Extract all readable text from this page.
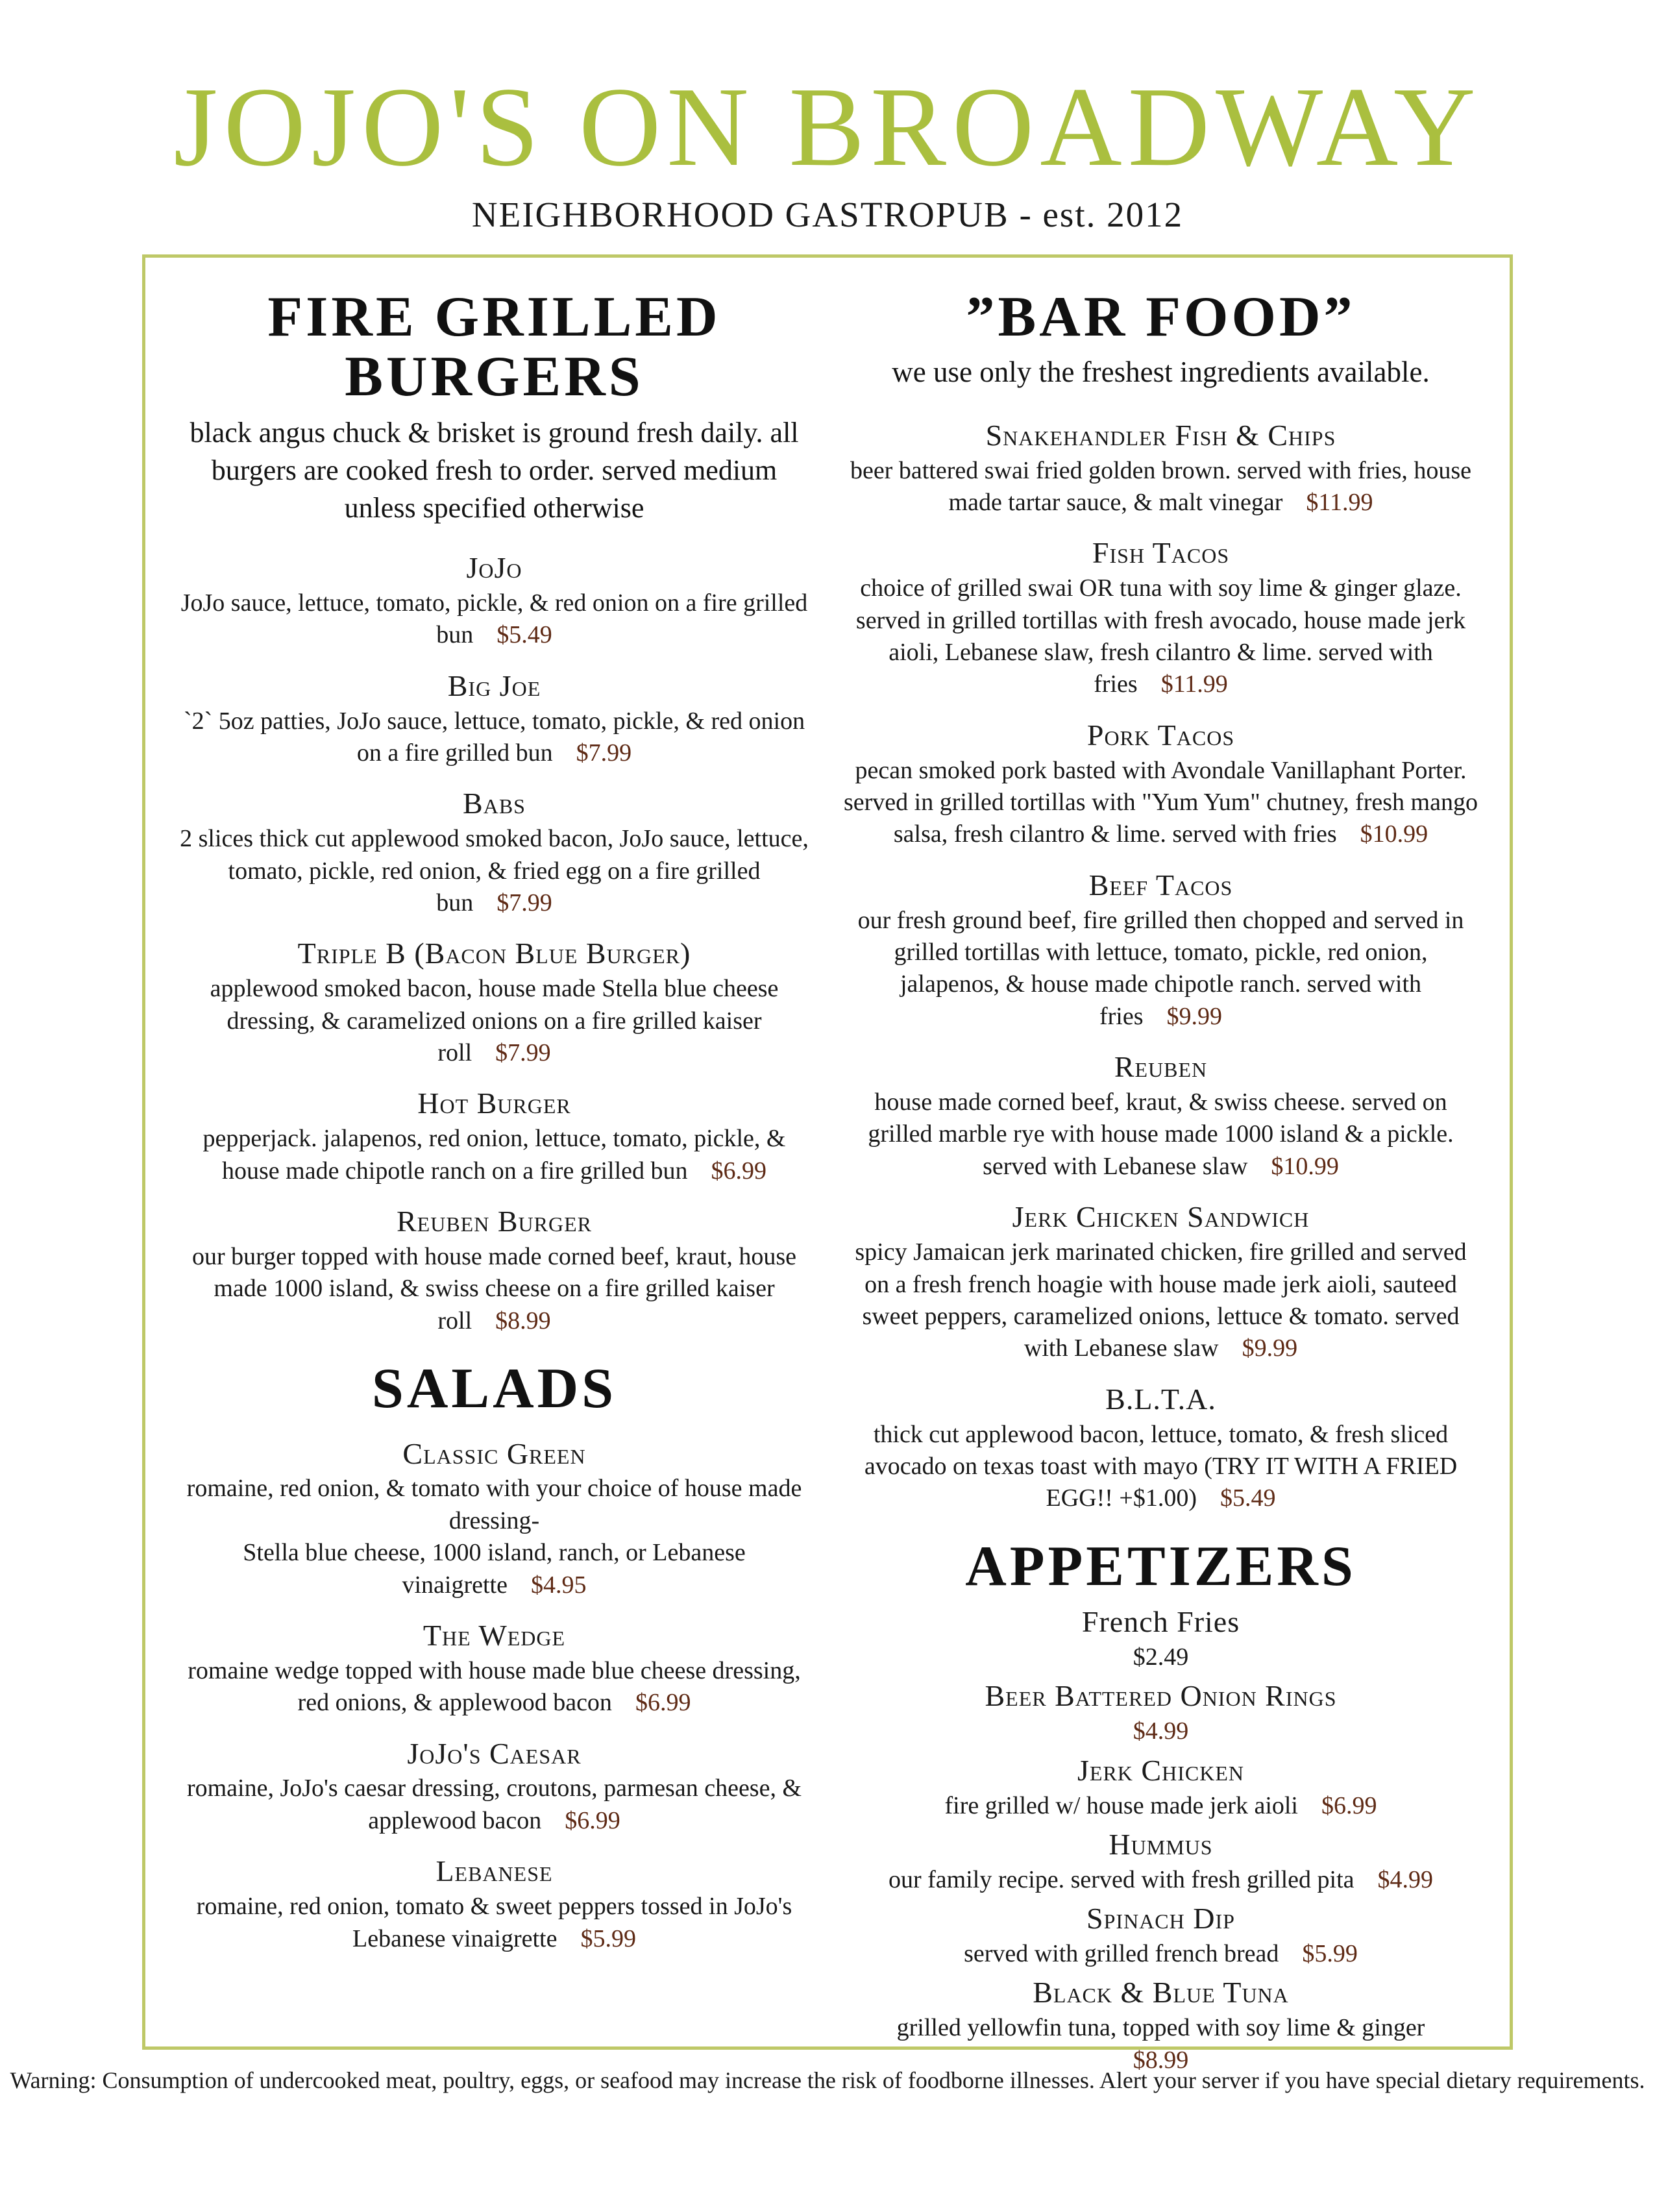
JOJO'S ON BROADWAY
NEIGHBORHOOD GASTROPUB - est. 2012
FIRE GRILLED
BURGERS
black angus chuck & brisket is ground fresh daily. all burgers are cooked fresh to order. served medium unless specified otherwise
JoJo
JoJo sauce, lettuce, tomato, pickle, & red onion on a fire grilled bun $5.49
Big Joe
`2` 5oz patties, JoJo sauce, lettuce, tomato, pickle, & red onion on a fire grilled bun $7.99
Babs
2 slices thick cut applewood smoked bacon, JoJo sauce, lettuce, tomato, pickle, red onion, & fried egg on a fire grilled bun $7.99
Triple B (Bacon Blue Burger)
applewood smoked bacon, house made Stella blue cheese dressing, & caramelized onions on a fire grilled kaiser roll $7.99
Hot Burger
pepperjack. jalapenos, red onion, lettuce, tomato, pickle, & house made chipotle ranch on a fire grilled bun $6.99
Reuben Burger
our burger topped with house made corned beef, kraut, house made 1000 island, & swiss cheese on a fire grilled kaiser roll $8.99
SALADS
Classic Green
romaine, red onion, & tomato with your choice of house made dressing-
Stella blue cheese, 1000 island, ranch, or Lebanese vinaigrette $4.95
The Wedge
romaine wedge topped with house made blue cheese dressing, red onions, & applewood bacon $6.99
JoJo's Caesar
romaine, JoJo's caesar dressing, croutons, parmesan cheese, & applewood bacon $6.99
Lebanese
romaine, red onion, tomato & sweet peppers tossed in JoJo's Lebanese vinaigrette $5.99
”BAR FOOD”
we use only the freshest ingredients available.
Snakehandler Fish & Chips
beer battered swai fried golden brown. served with fries, house made tartar sauce, & malt vinegar $11.99
Fish Tacos
choice of grilled swai OR tuna with soy lime & ginger glaze. served in grilled tortillas with fresh avocado, house made jerk aioli, Lebanese slaw, fresh cilantro & lime. served with fries $11.99
Pork Tacos
pecan smoked pork basted with Avondale Vanillaphant Porter. served in grilled tortillas with "Yum Yum" chutney, fresh mango salsa, fresh cilantro & lime. served with fries $10.99
Beef Tacos
our fresh ground beef, fire grilled then chopped and served in grilled tortillas with lettuce, tomato, pickle, red onion, jalapenos, & house made chipotle ranch. served with fries $9.99
Reuben
house made corned beef, kraut, & swiss cheese. served on grilled marble rye with house made 1000 island & a pickle. served with Lebanese slaw $10.99
Jerk Chicken Sandwich
spicy Jamaican jerk marinated chicken, fire grilled and served on a fresh french hoagie with house made jerk aioli, sauteed sweet peppers, caramelized onions, lettuce & tomato. served with Lebanese slaw $9.99
B.L.T.A.
thick cut applewood bacon, lettuce, tomato, & fresh sliced avocado on texas toast with mayo (TRY IT WITH A FRIED EGG!! +$1.00) $5.49
APPETIZERS
French Fries
$2.49
Beer Battered Onion Rings
$4.99
Jerk Chicken
fire grilled w/ house made jerk aioli $6.99
Hummus
our family recipe. served with fresh grilled pita $4.99
Spinach Dip
served with grilled french bread $5.99
Black & Blue Tuna
grilled yellowfin tuna, topped with soy lime & ginger
$8.99
Warning: Consumption of undercooked meat, poultry, eggs, or seafood may increase the risk of foodborne illnesses. Alert your server if you have special dietary requirements.
